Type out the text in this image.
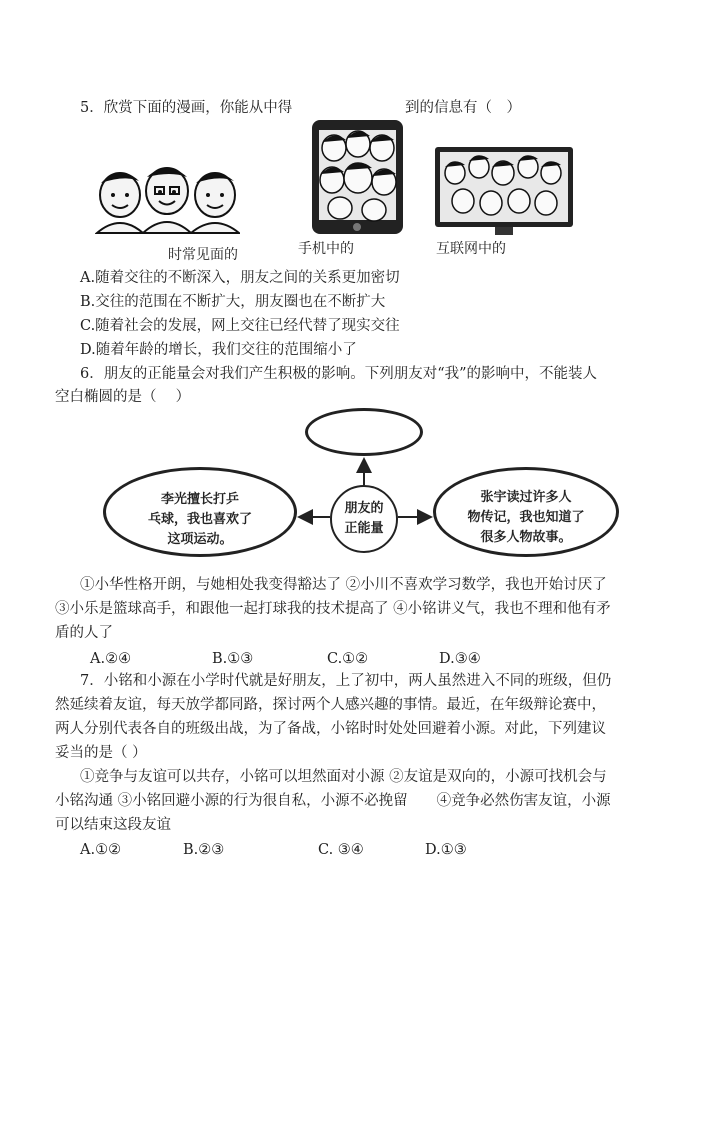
5．欣赏下面的漫画，你能从中得	到的信息有（　）
时常见面的	手机中的	互联网中的
A.随着交往的不断深入，朋友之间的关系更加密切
B.交往的范围在不断扩大，朋友圈也在不断扩大
C.随着社会的发展，网上交往已经代替了现实交往
D.随着年龄的增长，我们交往的范围缩小了
6．朋友的正能量会对我们产生积极的影响。下列朋友对“我”的影响中，不能装人
空白椭圆的是（　 ）
李光擅长打乒
乓球，我也喜欢了
这项运动。
朋友的
正能量
张宇读过许多人
物传记，我也知道了
很多人物故事。
①小华性格开朗，与她相处我变得豁达了 ②小川不喜欢学习数学，我也开始讨厌了
③小乐是篮球高手，和跟他一起打球我的技术提高了 ④小铭讲义气，我也不理和他有矛
盾的人了
A.②④	B.①③	C.①②	D.③④
7．小铭和小源在小学时代就是好朋友，上了初中，两人虽然进入不同的班级，但仍
然延续着友谊，每天放学都同路，探讨两个人感兴趣的事情。最近，在年级辩论赛中，
两人分别代表各自的班级出战，为了备战，小铭时时处处回避着小源。对此，下列建议
妥当的是（ ）
①竞争与友谊可以共存，小铭可以坦然面对小源 ②友谊是双向的，小源可找机会与
小铭沟通 ③小铭回避小源的行为很自私，小源不必挽留　　④竞争必然伤害友谊，小源
可以结束这段友谊
A.①②	B.②③	C. ③④	D.①③
